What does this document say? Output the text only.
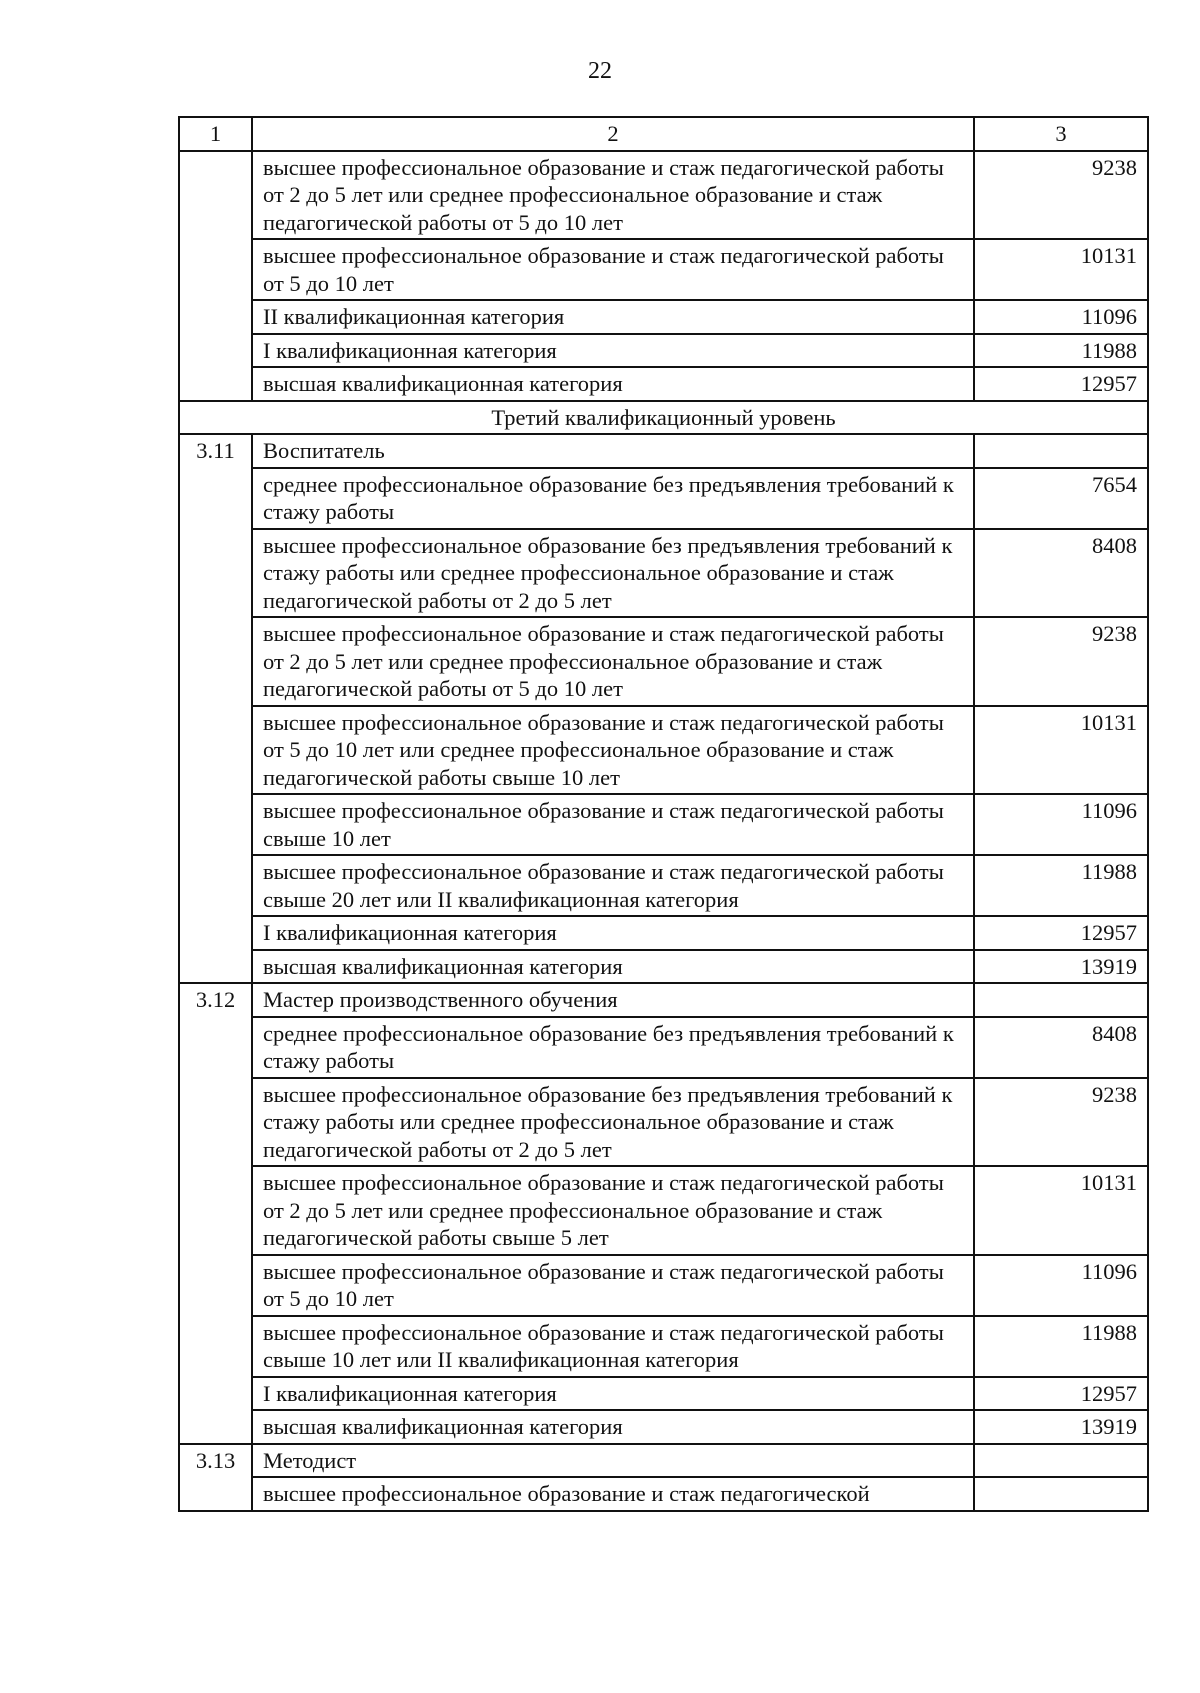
22
1	2	3
	высшее профессиональное образование и стаж педагогической работы от 2 до 5 лет или среднее профессиональное образование и стаж педагогической работы от 5 до 10 лет	9238
	высшее профессиональное образование и стаж педагогической работы от 5 до 10 лет	10131
	II квалификационная категория	11096
	I квалификационная категория	11988
	высшая квалификационная категория	12957
Третий квалификационный уровень		
3.11	Воспитатель	
	среднее профессиональное образование без предъявления требований к стажу работы	7654
	высшее профессиональное образование без предъявления требований к стажу работы или среднее профессиональное образование и стаж педагогической работы от 2 до 5 лет	8408
	высшее профессиональное образование и стаж педагогической работы от 2 до 5 лет или среднее профессиональное образование и стаж педагогической работы от 5 до 10 лет	9238
	высшее профессиональное образование и стаж педагогической работы от 5 до 10 лет или среднее профессиональное образование и стаж педагогической работы свыше 10 лет	10131
	высшее профессиональное образование и стаж педагогической работы свыше 10 лет	11096
	высшее профессиональное образование и стаж педагогической работы свыше 20 лет или II квалификационная категория	11988
	I квалификационная категория	12957
	высшая квалификационная категория	13919
3.12	Мастер производственного обучения	
	среднее профессиональное образование без предъявления требований к стажу работы	8408
	высшее профессиональное образование без предъявления требований к стажу работы или среднее профессиональное образование и стаж педагогической работы от 2 до 5 лет	9238
	высшее профессиональное образование и стаж педагогической работы от 2 до 5 лет или среднее профессиональное образование и стаж педагогической работы свыше 5 лет	10131
	высшее профессиональное образование и стаж педагогической работы от 5 до 10 лет	11096
	высшее профессиональное образование и стаж педагогической работы свыше 10 лет или II квалификационная категория	11988
	I квалификационная категория	12957
	высшая квалификационная категория	13919
3.13	Методист	
	высшее профессиональное образование и стаж педагогической	
